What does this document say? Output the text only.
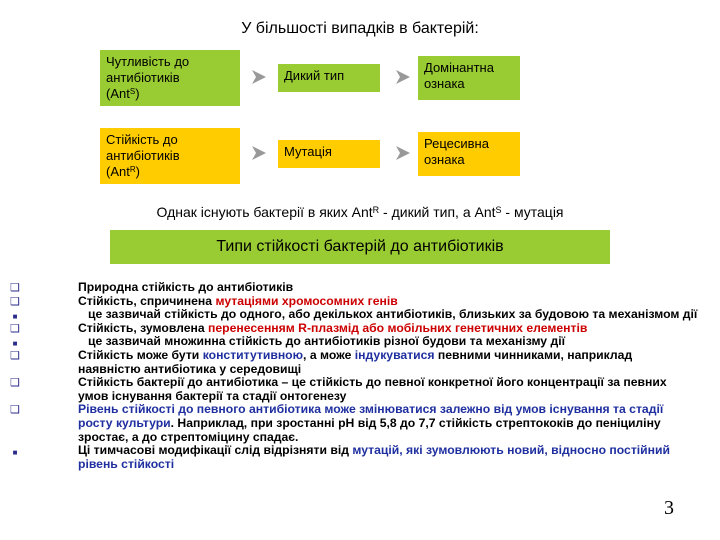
У більшості випадків в бактерій:
Чутливість до
антибіотиків
(Ant$^S$)
Дикий тип
Домінантна
ознака
Стійкість до
антибіотиків
(Ant$^R$)
Мутація
Рецесивна
ознака
Однак існують бактерії в яких Ant$^R$ - дикий тип, а Ant$^S$ - мутація
Типи стійкості бактерій до антибіотиків
❑	Природна стійкість до антибіотиків
❑	Стійкість, спричинена мутаціями хромосомних генів
■	це зазвичай стійкість до одного, або декількох антибіотиків, близьких за будовою та механізмом дії
❑	Стійкість, зумовлена перенесенням R-плазмід або мобільних генетичних елементів
■	це зазвичай множинна стійкість до антибіотиків різної будови та механізму дії
❑	Стійкість може бути конститутивною, а може індукуватися певними чинниками, наприклад наявністю антибіотика у середовищі
❑	Стійкість бактерії до антибіотика – це стійкість до певної конкретної його концентрації за певних умов існування бактерії та стадії онтогенезу
❑	Рівень стійкості до певного антибіотика може змінюватися залежно від умов існування та стадії росту культури. Наприклад, при зростанні pH від 5,8 до 7,7 стійкість стрептококів до пеніциліну зростає, а до стрептоміцину спадає.
■	Ці тимчасові модифікації слід відрізняти від мутацій, які зумовлюють новий, відносно постійний рівень стійкості
3
